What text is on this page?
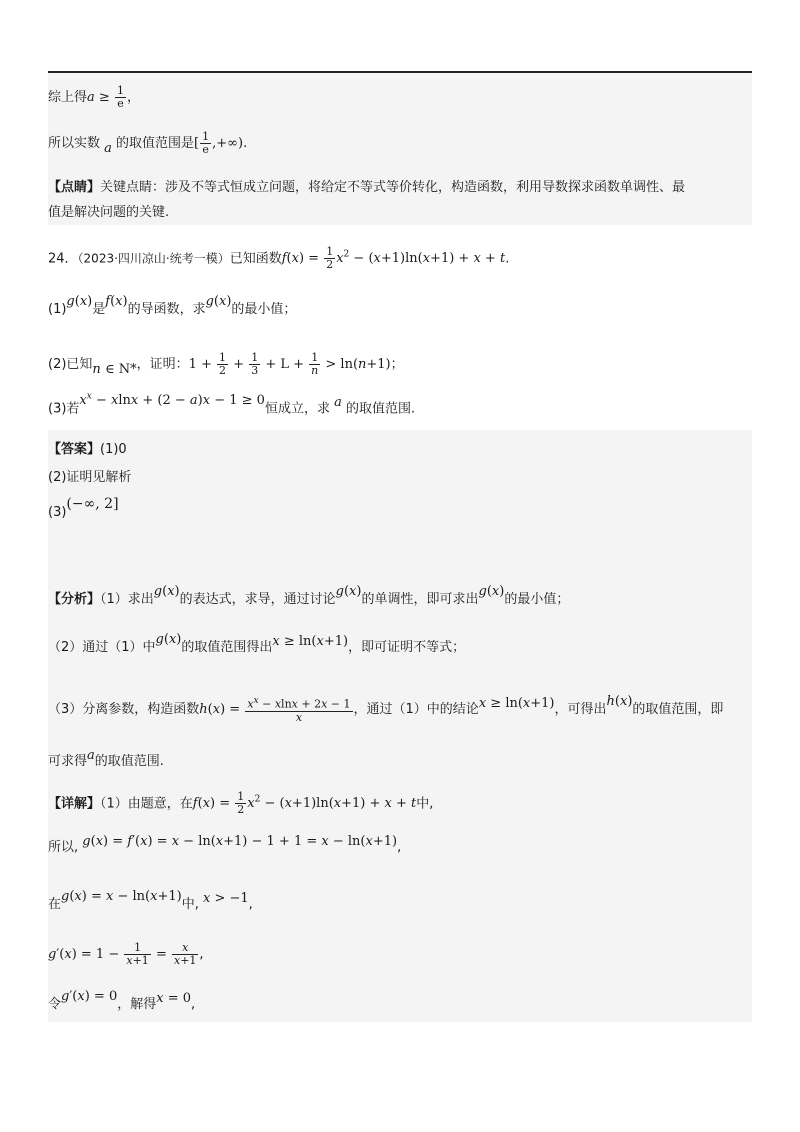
综上得$a \ge \frac{1}{e}$ ，
所以实数 a 的取值范围是[ $\frac{1}{e}$ ,+∞).
【点睛】关键点睛：涉及不等式恒成立问题，将给定不等式等价转化，构造函数，利用导数探求函数单调性、最
值是解决问题的关键.
24．（2023·四川凉山·统考一模）已知函数$f(x) = \frac{1}{2} x^2 - (x+1)\ln(x+1) + x + t$.
(1)g(x)是f(x)的导函数，求g(x)的最小值；
(2)已知n ∈ N*，证明：$1 + \frac{1}{2} + \frac{1}{3} + L + \frac{1}{n} > \ln(n+1)$；
(3)若$x^x - xlnx + (2 - a)x - 1 \ge 0$恒成立，求 a 的取值范围.
【答案】(1)0
(2)证明见解析
(3)(−∞, 2]
【分析】（1）求出g(x)的表达式，求导，通过讨论g(x)的单调性，即可求出g(x)的最小值；
（2）通过（1）中g(x)的取值范围得出x ≥ ln(x+1)，即可证明不等式；
（3）分离参数，构造函数$h(x) = \frac{x^x - xlnx + 2x - 1}{x}$ ，通过（1）中的结论x ≥ ln(x+1)，可得出h(x)的取值范围，即
可求得a的取值范围.
【详解】（1）由题意，在$f(x) = \frac{1}{2} x^2 - (x+1)\ln(x+1) + x + t$中,
所以, g(x) = f′(x) = x − ln(x+1) − 1 + 1 = x − ln(x+1),
在g(x) = x − ln(x+1)中, x > −1,
$g'(x) = 1 - \frac{1}{x+1} = \frac{x}{x+1}$ ,
令g′(x) = 0，解得x = 0,
